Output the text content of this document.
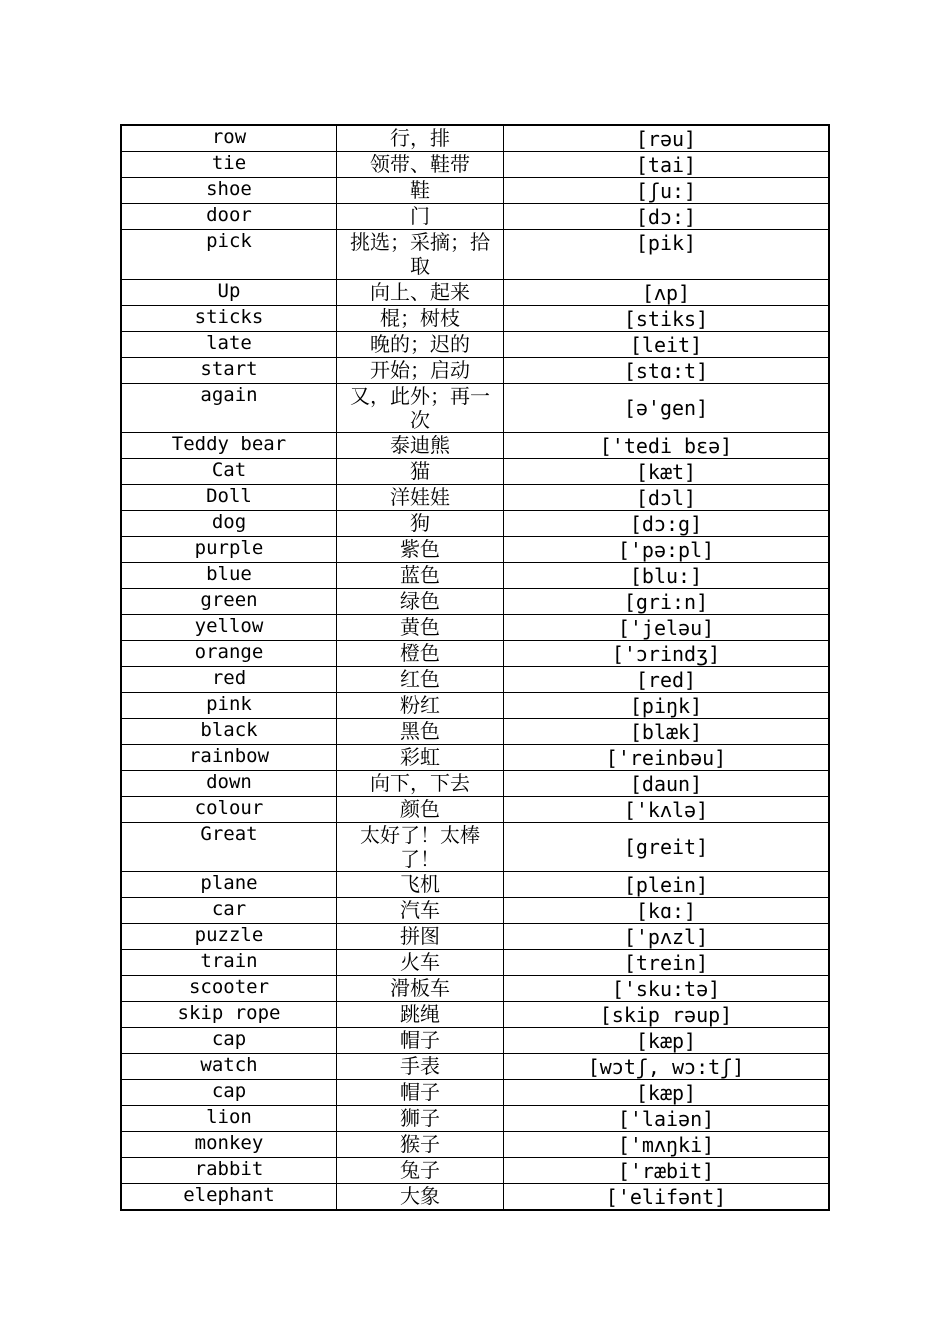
row	行，排	[rəu]
tie	领带、鞋带	[tai]
shoe	鞋	[ʃu:]
door	门	[dɔ:]
pick	挑选；采摘；拾取	[pik]
Up	向上、起来	[ʌp]
sticks	棍；树枝	[stiks]
late	晚的；迟的	[leit]
start	开始；启动	[stɑ:t]
again	又，此外；再一次	[ə'gen]
Teddy bear	泰迪熊	['tedi bεə]
Cat	猫	[kæt]
Doll	洋娃娃	[dɔl]
dog	狗	[dɔ:g]
purple	紫色	['pə:pl]
blue	蓝色	[blu:]
green	绿色	[gri:n]
yellow	黄色	['jeləu]
orange	橙色	['ɔrindʒ]
red	红色	[red]
pink	粉红	[piŋk]
black	黑色	[blæk]
rainbow	彩虹	['reinbəu]
down	向下，下去	[daun]
colour	颜色	['kʌlə]
Great	太好了！太棒了！	[greit]
plane	飞机	[plein]
car	汽车	[kɑ:]
puzzle	拼图	['pʌzl]
train	火车	[trein]
scooter	滑板车	['sku:tə]
skip rope	跳绳	[skip rəup]
cap	帽子	[kæp]
watch	手表	[wɔtʃ, wɔ:tʃ]
cap	帽子	[kæp]
lion	狮子	['laiən]
monkey	猴子	['mʌŋki]
rabbit	兔子	['ræbit]
elephant	大象	['elifənt]
